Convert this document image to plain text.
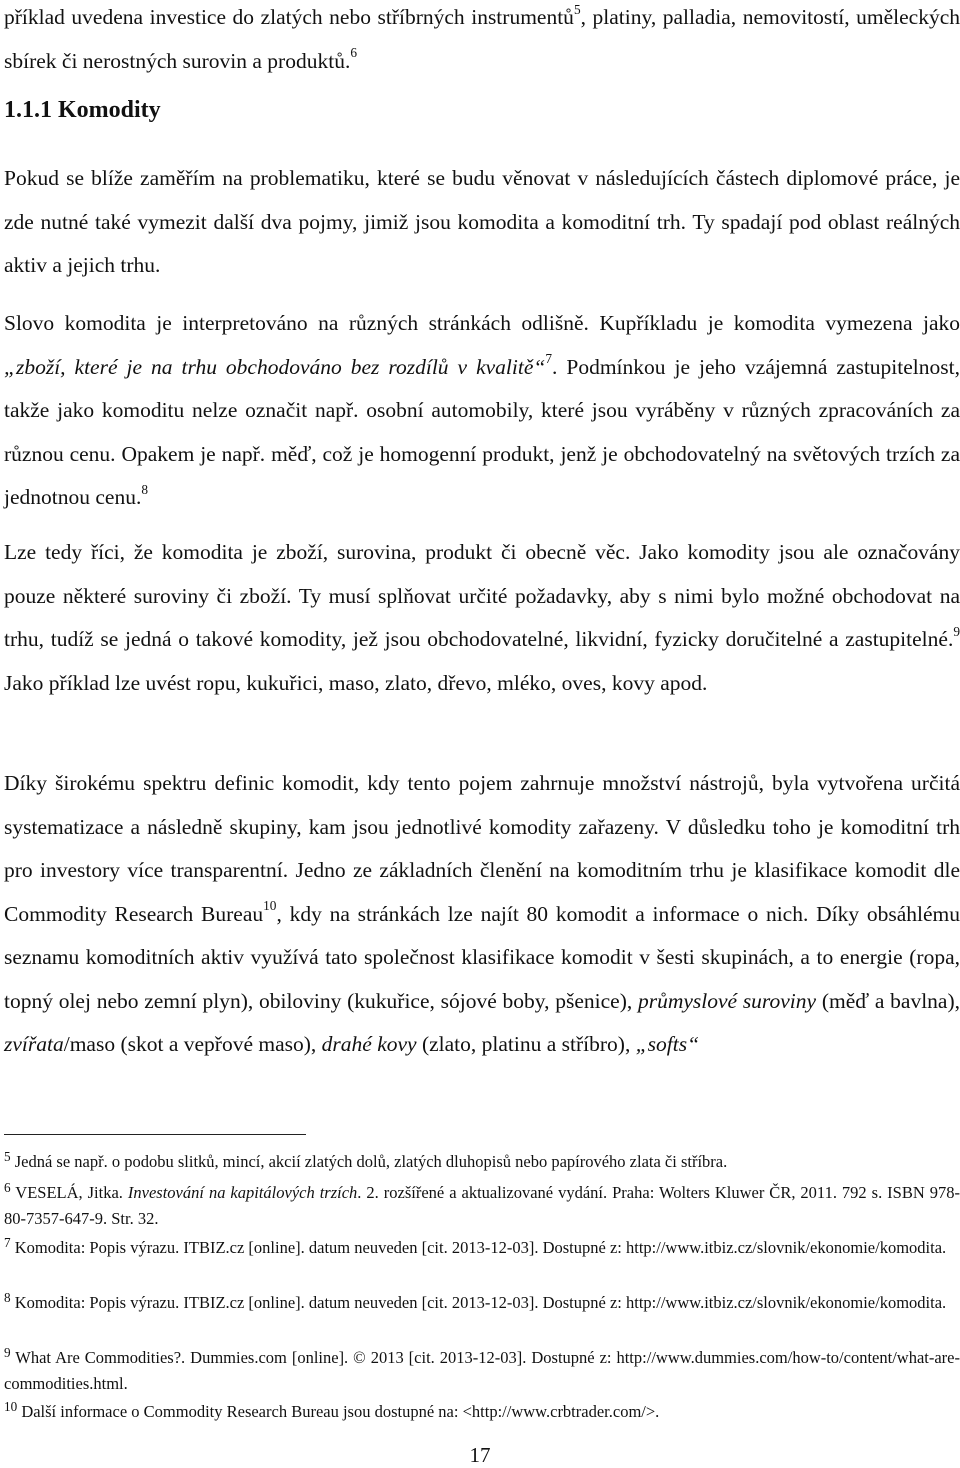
příklad uvedena investice do zlatých nebo stříbrných instrumentů$^5$, platiny, palladia, nemovitostí, uměleckých sbírek či nerostných surovin a produktů.$^6$

1.1.1 Komodity

Pokud se blíže zaměřím na problematiku, které se budu věnovat v následujících částech diplomové práce, je zde nutné také vymezit další dva pojmy, jimiž jsou komodita a komoditní trh. Ty spadají pod oblast reálných aktiv a jejich trhu.

Slovo komodita je interpretováno na různých stránkách odlišně. Kupříkladu je komodita vymezena jako „zboží, které je na trhu obchodováno bez rozdílů v kvalitě“$^7$. Podmínkou je jeho vzájemná zastupitelnost, takže jako komoditu nelze označit např. osobní automobily, které jsou vyráběny v různých zpracováních za různou cenu. Opakem je např. měď, což je homogenní produkt, jenž je obchodovatelný na světových trzích za jednotnou cenu.$^8$

Lze tedy říci, že komodita je zboží, surovina, produkt či obecně věc. Jako komodity jsou ale označovány pouze některé suroviny či zboží. Ty musí splňovat určité požadavky, aby s nimi bylo možné obchodovat na trhu, tudíž se jedná o takové komodity, jež jsou obchodovatelné, likvidní, fyzicky doručitelné a zastupitelné.$^9$ Jako příklad lze uvést ropu, kukuřici, maso, zlato, dřevo, mléko, oves, kovy apod.

Díky širokému spektru definic komodit, kdy tento pojem zahrnuje množství nástrojů, byla vytvořena určitá systematizace a následně skupiny, kam jsou jednotlivé komodity zařazeny. V důsledku toho je komoditní trh pro investory více transparentní. Jedno ze základních členění na komoditním trhu je klasifikace komodit dle Commodity Research Bureau$^{10}$, kdy na stránkách lze najít 80 komodit a informace o nich. Díky obsáhlému seznamu komoditních aktiv využívá tato společnost klasifikace komodit v šesti skupinách, a to energie (ropa, topný olej nebo zemní plyn), obiloviny (kukuřice, sójové boby, pšenice), průmyslové suroviny (měď a bavlna), zvířata/maso (skot a vepřové maso), drahé kovy (zlato, platinu a stříbro), „softs“

$^5$ Jedná se např. o podobu slitků, mincí, akcií zlatých dolů, zlatých dluhopisů nebo papírového zlata či stříbra.

$^6$ VESELÁ, Jitka. Investování na kapitálových trzích. 2. rozšířené a aktualizované vydání. Praha: Wolters Kluwer ČR, 2011. 792 s. ISBN 978-80-7357-647-9. Str. 32.

$^7$ Komodita: Popis výrazu. ITBIZ.cz [online]. datum neuveden [cit. 2013-12-03]. Dostupné z: http://www.itbiz.cz/slovnik/ekonomie/komodita.

$^8$ Komodita: Popis výrazu. ITBIZ.cz [online]. datum neuveden [cit. 2013-12-03]. Dostupné z: http://www.itbiz.cz/slovnik/ekonomie/komodita.

$^9$ What Are Commodities?. Dummies.com [online]. © 2013 [cit. 2013-12-03]. Dostupné z: http://www.dummies.com/how-to/content/what-are-commodities.html.

$^{10}$ Další informace o Commodity Research Bureau jsou dostupné na: <http://www.crbtrader.com/>.

17
